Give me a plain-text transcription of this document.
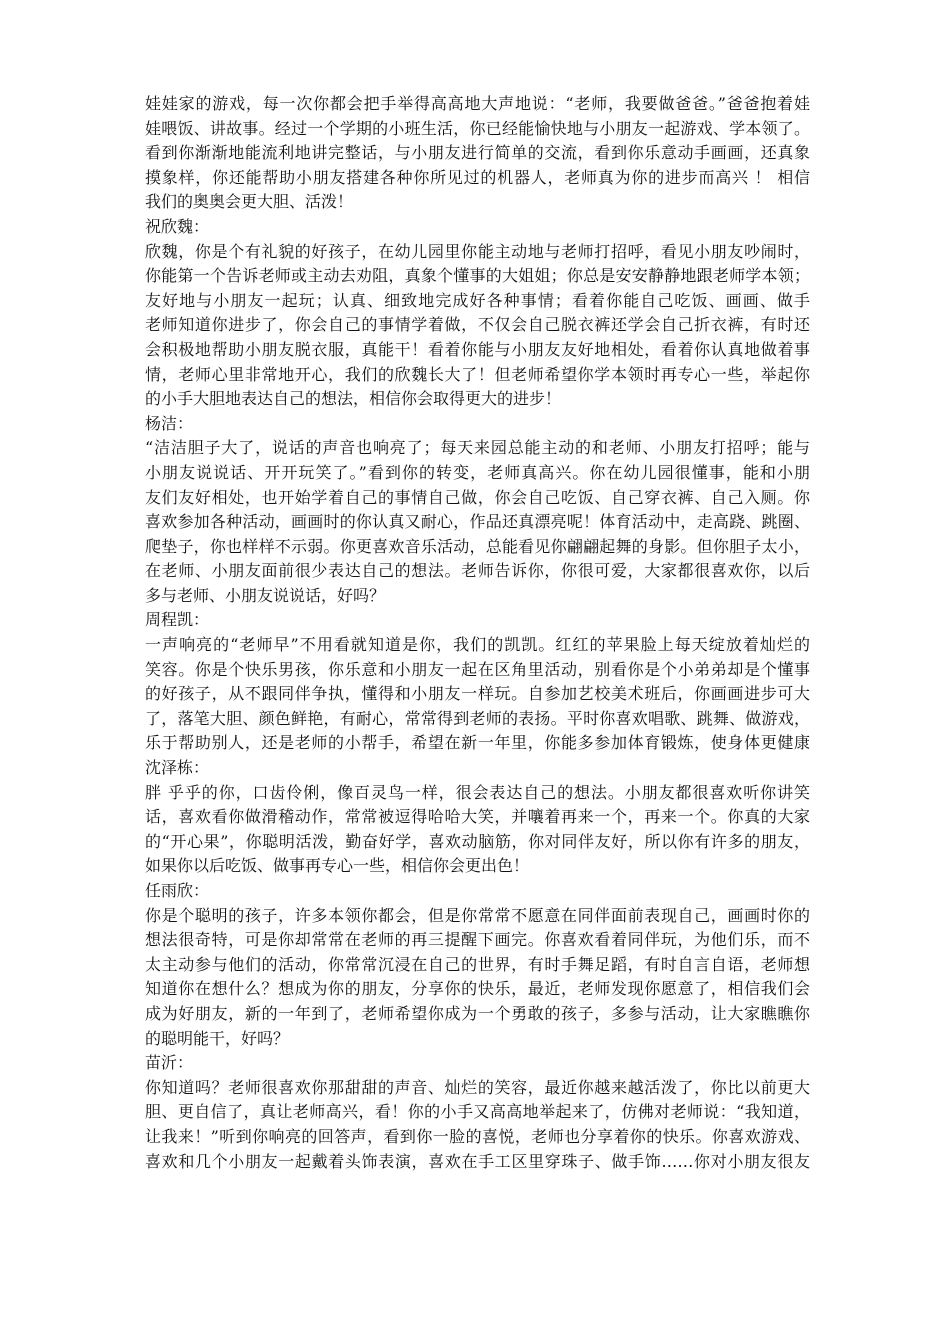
娃娃家的游戏，每一次你都会把手举得高高地大声地说：“老师，我要做爸爸。”爸爸抱着娃
娃喂饭、讲故事。经过一个学期的小班生活，你已经能愉快地与小朋友一起游戏、学本领了。
看到你渐渐地能流利地讲完整话，与小朋友进行简单的交流，看到你乐意动手画画，还真象
摸象样，你还能帮助小朋友搭建各种你所见过的机器人，老师真为你的进步而高兴 ！ 相信
我们的奥奥会更大胆、活泼！
祝欣魏：
欣魏，你是个有礼貌的好孩子，在幼儿园里你能主动地与老师打招呼，看见小朋友吵闹时，
你能第一个告诉老师或主动去劝阻，真象个懂事的大姐姐；你总是安安静静地跟老师学本领；
友好地与小朋友一起玩；认真、细致地完成好各种事情；看着你能自己吃饭、画画、做手
老师知道你进步了，你会自己的事情学着做，不仅会自己脱衣裤还学会自己折衣裤，有时还
会积极地帮助小朋友脱衣服，真能干！看着你能与小朋友友好地相处，看着你认真地做着事
情，老师心里非常地开心，我们的欣魏长大了！但老师希望你学本领时再专心一些，举起你
的小手大胆地表达自己的想法，相信你会取得更大的进步！
杨洁：
“洁洁胆子大了，说话的声音也响亮了；每天来园总能主动的和老师、小朋友打招呼；能与
小朋友说说话、开开玩笑了。”看到你的转变，老师真高兴。你在幼儿园很懂事，能和小朋
友们友好相处，也开始学着自己的事情自己做，你会自己吃饭、自己穿衣裤、自己入厕。你
喜欢参加各种活动，画画时的你认真又耐心，作品还真漂亮呢！体育活动中，走高跷、跳圈、
爬垫子，你也样样不示弱。你更喜欢音乐活动，总能看见你翩翩起舞的身影。但你胆子太小，
在老师、小朋友面前很少表达自己的想法。老师告诉你，你很可爱，大家都很喜欢你，以后
多与老师、小朋友说说话，好吗？
周程凯：
一声响亮的“老师早”不用看就知道是你，我们的凯凯。红红的苹果脸上每天绽放着灿烂的
笑容。你是个快乐男孩，你乐意和小朋友一起在区角里活动，别看你是个小弟弟却是个懂事
的好孩子，从不跟同伴争执，懂得和小朋友一样玩。自参加艺校美术班后，你画画进步可大
了，落笔大胆、颜色鲜艳，有耐心，常常得到老师的表扬。平时你喜欢唱歌、跳舞、做游戏，
乐于帮助别人，还是老师的小帮手，希望在新一年里，你能多参加体育锻炼，使身体更健康
沈泽栋：
胖 乎乎的你，口齿伶俐，像百灵鸟一样，很会表达自己的想法。小朋友都很喜欢听你讲笑
话，喜欢看你做滑稽动作，常常被逗得哈哈大笑，并嚷着再来一个，再来一个。你真的大家
的“开心果”，你聪明活泼，勤奋好学，喜欢动脑筋，你对同伴友好，所以你有许多的朋友，
如果你以后吃饭、做事再专心一些，相信你会更出色！
任雨欣：
你是个聪明的孩子，许多本领你都会，但是你常常不愿意在同伴面前表现自己，画画时你的
想法很奇特，可是你却常常在老师的再三提醒下画完。你喜欢看着同伴玩，为他们乐，而不
太主动参与他们的活动，你常常沉浸在自己的世界，有时手舞足蹈，有时自言自语，老师想
知道你在想什么？想成为你的朋友，分享你的快乐，最近，老师发现你愿意了，相信我们会
成为好朋友，新的一年到了，老师希望你成为一个勇敢的孩子，多参与活动，让大家瞧瞧你
的聪明能干，好吗？
苗沂：
你知道吗？老师很喜欢你那甜甜的声音、灿烂的笑容，最近你越来越活泼了，你比以前更大
胆、更自信了，真让老师高兴，看！你的小手又高高地举起来了，仿佛对老师说：“我知道，
让我来！”听到你响亮的回答声，看到你一脸的喜悦，老师也分享着你的快乐。你喜欢游戏、
喜欢和几个小朋友一起戴着头饰表演，喜欢在手工区里穿珠子、做手饰……你对小朋友很友
